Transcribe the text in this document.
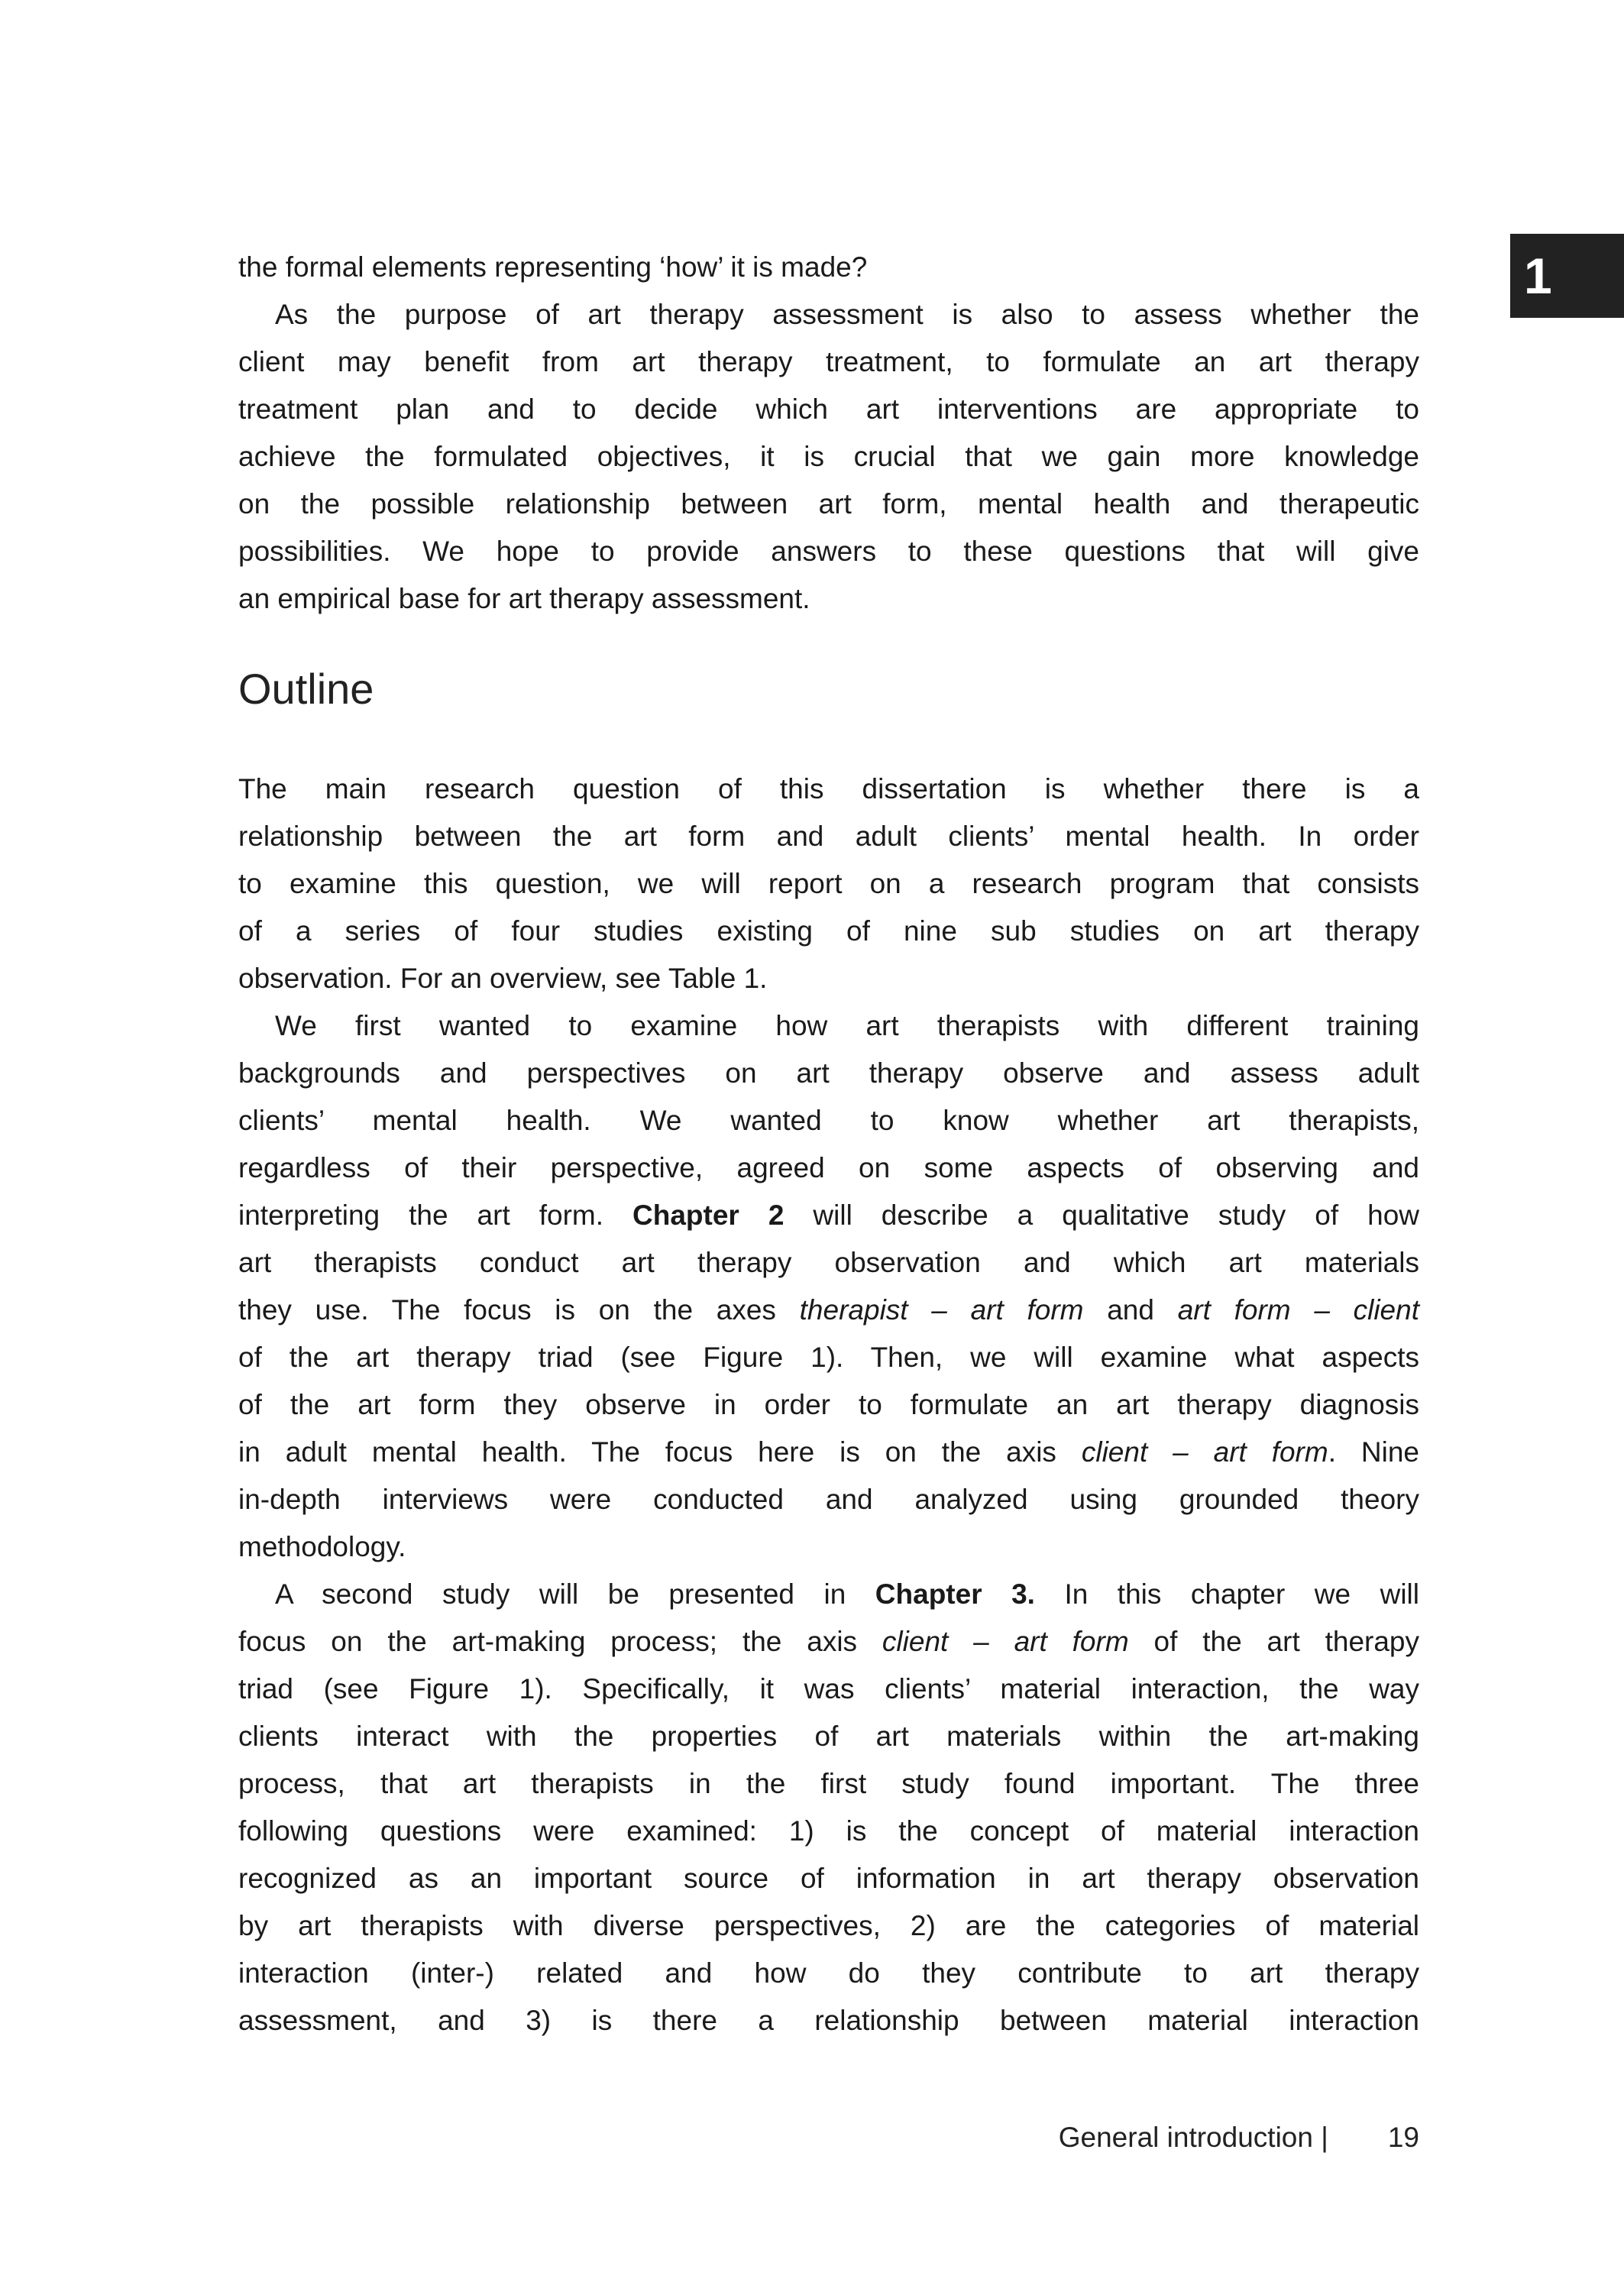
1
the formal elements representing ‘how’ it is made?
As the purpose of art therapy assessment is also to assess whether the
client may benefit from art therapy treatment, to formulate an art therapy
treatment plan and to decide which art interventions are appropriate to
achieve the formulated objectives, it is crucial that we gain more knowledge
on the possible relationship between art form, mental health and therapeutic
possibilities. We hope to provide answers to these questions that will give
an empirical base for art therapy assessment.
Outline
The main research question of this dissertation is whether there is a
relationship between the art form and adult clients’ mental health. In order
to examine this question, we will report on a research program that consists
of a series of four studies existing of nine sub studies on art therapy
observation. For an overview, see Table 1.
We first wanted to examine how art therapists with different training
backgrounds and perspectives on art therapy observe and assess adult
clients’ mental health. We wanted to know whether art therapists,
regardless of their perspective, agreed on some aspects of observing and
interpreting the art form. Chapter 2 will describe a qualitative study of how
art therapists conduct art therapy observation and which art materials
they use. The focus is on the axes therapist – art form and art form – client
of the art therapy triad (see Figure 1). Then, we will examine what aspects
of the art form they observe in order to formulate an art therapy diagnosis
in adult mental health. The focus here is on the axis client – art form. Nine
in-depth interviews were conducted and analyzed using grounded theory
methodology.
A second study will be presented in Chapter 3. In this chapter we will
focus on the art-making process; the axis client – art form of the art therapy
triad (see Figure 1). Specifically, it was clients’ material interaction, the way
clients interact with the properties of art materials within the art-making
process, that art therapists in the first study found important. The three
following questions were examined: 1) is the concept of material interaction
recognized as an important source of information in art therapy observation
by art therapists with diverse perspectives, 2) are the categories of material
interaction (inter-) related and how do they contribute to art therapy
assessment, and 3) is there a relationship between material interaction
General introduction | 19
